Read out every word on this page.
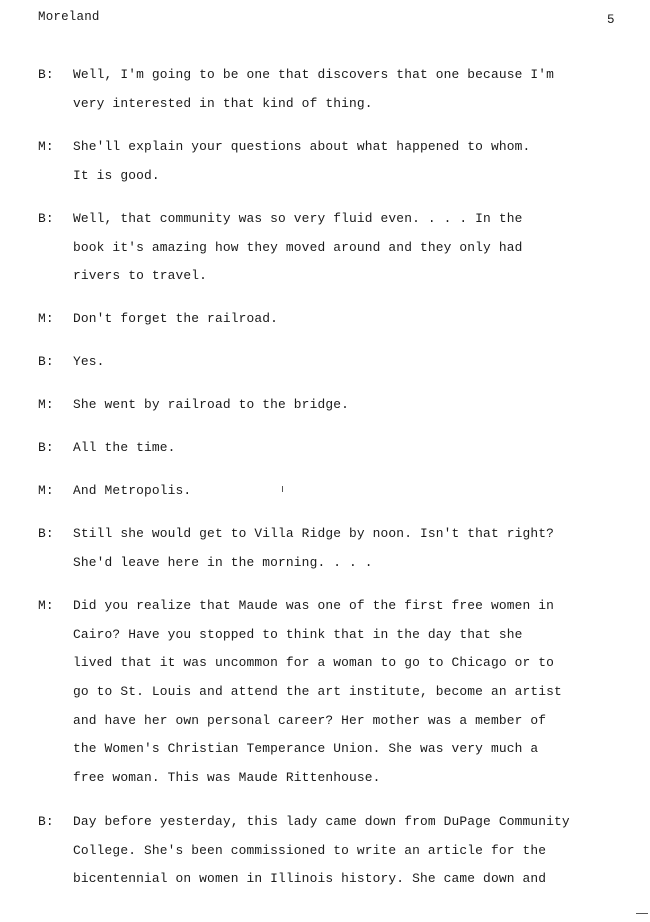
Moreland	5
B:	Well, I'm going to be one that discovers that one because I'm
very interested in that kind of thing.
M:	She'll explain your questions about what happened to whom.
It is good.
B:	Well, that community was so very fluid even. . . . In the
book it's amazing how they moved around and they only had
rivers to travel.
M:	Don't forget the railroad.
B:	Yes.
M:	She went by railroad to the bridge.
B:	All the time.
M:	And Metropolis.
B:	Still she would get to Villa Ridge by noon. Isn't that right?
She'd leave here in the morning. . . .
M:	Did you realize that Maude was one of the first free women in
Cairo? Have you stopped to think that in the day that she
lived that it was uncommon for a woman to go to Chicago or to
go to St. Louis and attend the art institute, become an artist
and have her own personal career? Her mother was a member of
the Women's Christian Temperance Union. She was very much a
free woman. This was Maude Rittenhouse.
B:	Day before yesterday, this lady came down from DuPage Community
College. She's been commissioned to write an article for the
bicentennial on women in Illinois history. She came down and
